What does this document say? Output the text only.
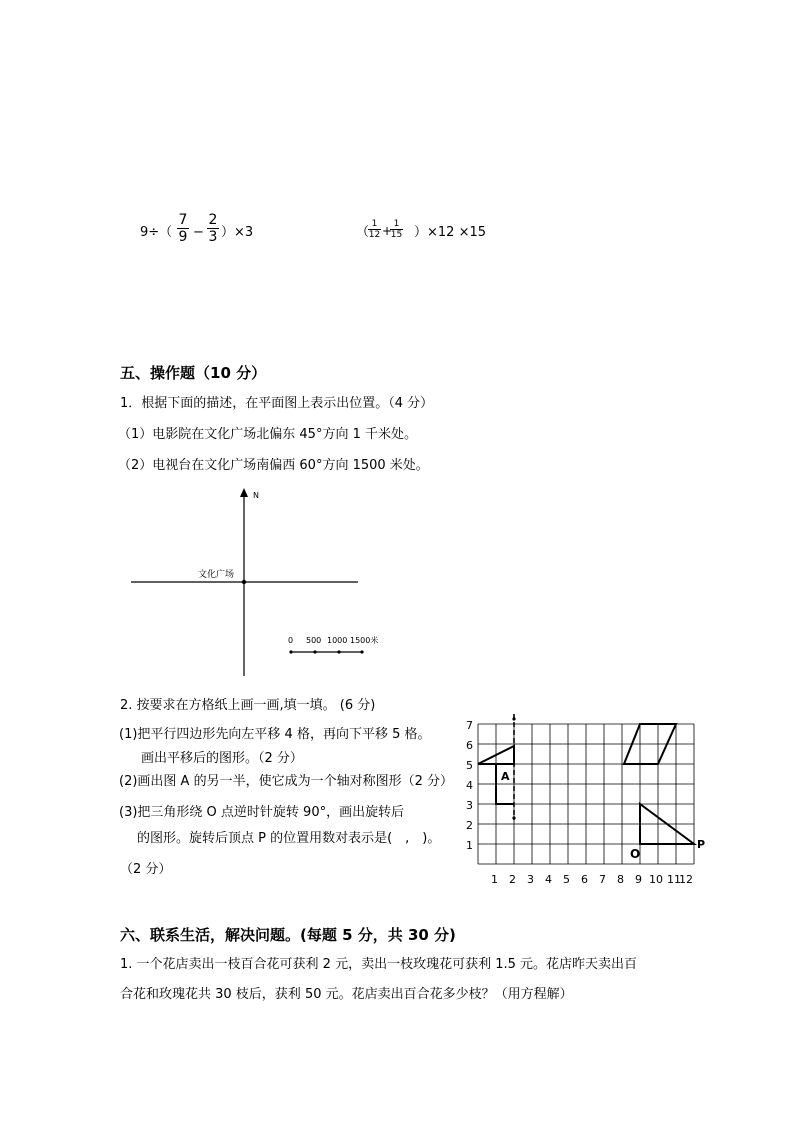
9÷（
7
9 −
2
3 ）×3	（
1
12 + 1
15 ）×12 ×15
五、操作题（10 分）
1．根据下面的描述，在平面图上表示出位置。（4 分）
（1）电影院在文化广场北偏东 45°方向 1 千米处。
（2）电视台在文化广场南偏西 60°方向 1500 米处。
N
文化广场
0 500 1000 1500米
2. 按要求在方格纸上画一画,填一填。 (6 分)
(1)把平行四边形先向左平移 4 格，再向下平移 5 格。
画出平移后的图形。（2 分）
(2)画出图 A 的另一半，使它成为一个轴对称图形（2 分）
(3)把三角形绕 O 点逆时针旋转 90°，画出旋转后
的图形。旋转后顶点 P 的位置用数对表示是(　,　)。
（2 分）
7
6
5
4
3
2
1
1 2 3 4 5 6 7 8 9 10 11
12
A
O
P
六、联系生活，解决问题。(每题 5 分，共 30 分)
1. 一个花店卖出一枝百合花可获利 2 元，卖出一枝玫瑰花可获利 1.5 元。花店昨天卖出百
合花和玫瑰花共 30 枝后，获利 50 元。花店卖出百合花多少枝？（用方程解）
